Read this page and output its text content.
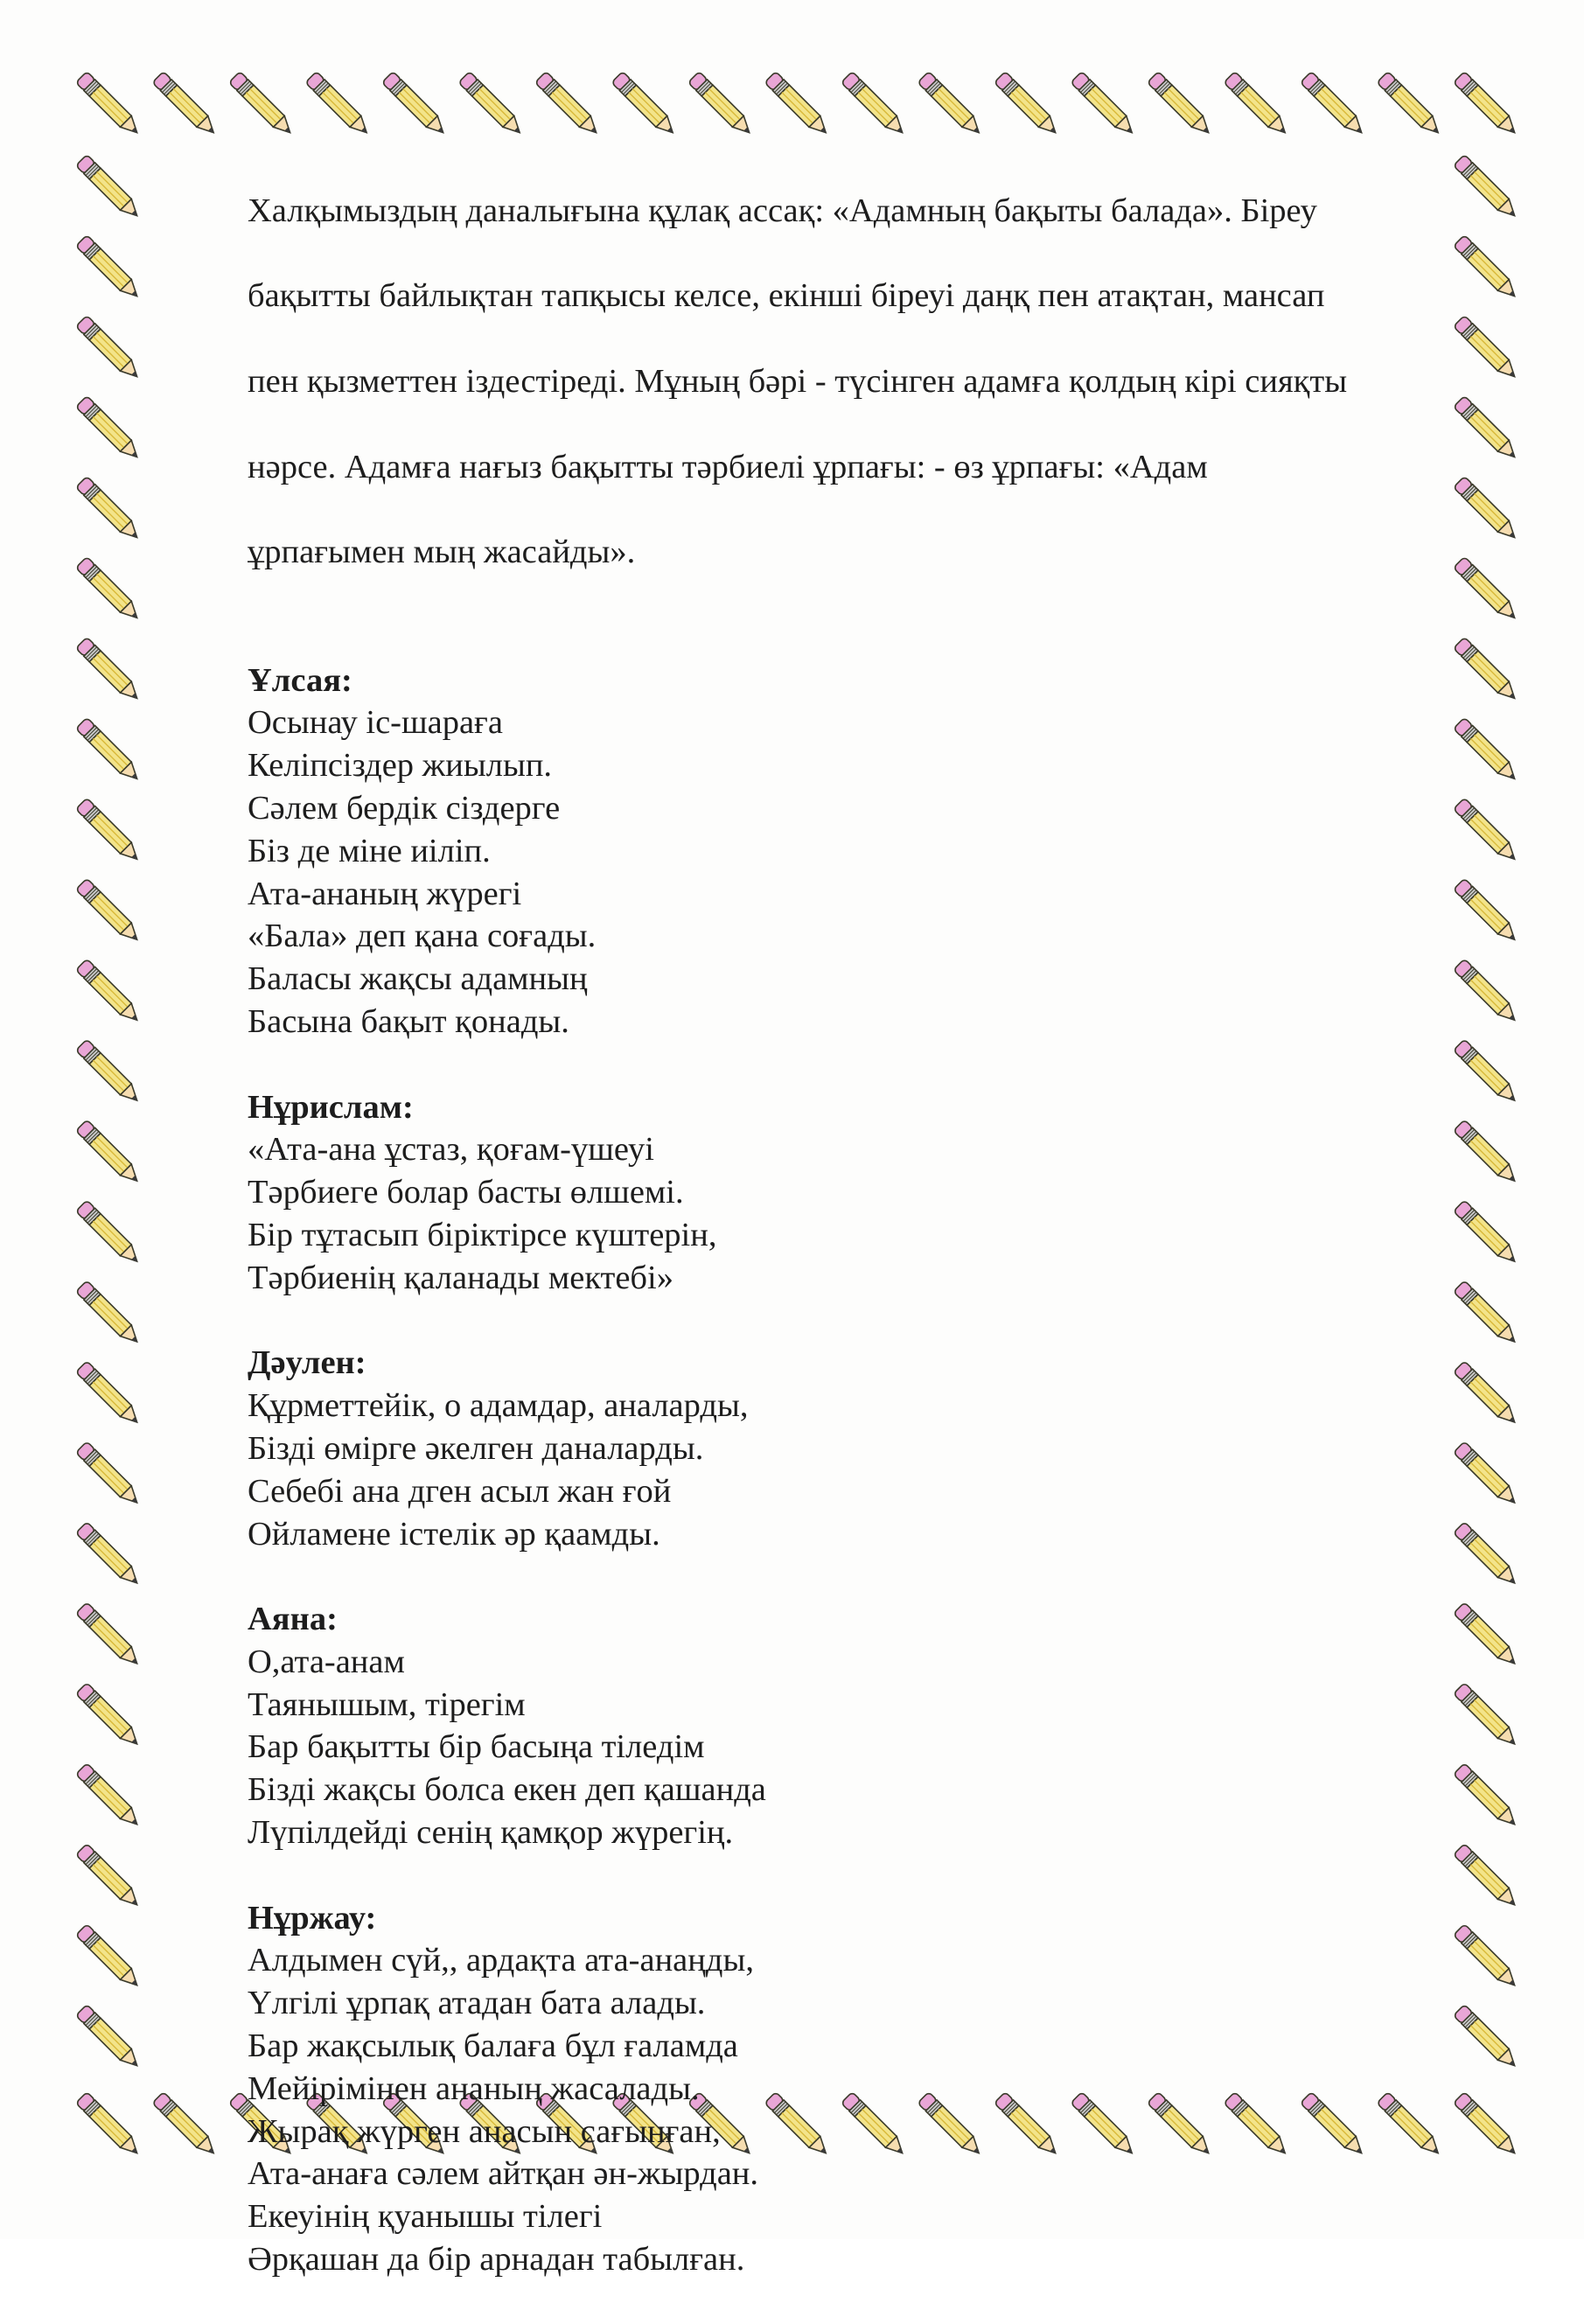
Халқымыздың даналығына құлақ ассақ: «Адамның бақыты балада». Біреу

бақытты байлықтан тапқысы келсе, екінші біреуі даңқ пен атақтан, мансап

пен қызметтен іздестіреді. Мұның бәрі - түсінген адамға қолдың кірі сияқты

нәрсе. Адамға нағыз бақытты тәрбиелі ұрпағы: - өз ұрпағы: «Адам

ұрпағымен мың жасайды».

Ұлсая:
Осынау іс-шараға
Келіпсіздер жиылып.
Сәлем бердік сіздерге
Біз де міне иіліп.
Ата-ананың жүрегі
«Бала» деп қана соғады.
Баласы жақсы адамның
Басына бақыт қонады.
Нұрислам:
«Ата-ана ұстаз, қоғам-үшеуі
Тәрбиеге болар басты өлшемі.
Бір тұтасып біріктірсе күштерін,
Тәрбиенің қаланады мектебі»
Дәулен:
Құрметтейік, о адамдар, аналарды,
Бізді өмірге әкелген даналарды.
Себебі ана дген асыл жан ғой
Ойламене істелік әр қаамды.
Аяна:
О,ата-анам
Таянышым, тірегім
Бар бақытты бір басыңа тіледім
Бізді жақсы болса екен деп қашанда
Лүпілдейді сенің қамқор жүрегің.
Нұржау:
Алдымен сүй,, ардақта ата-анаңды,
Үлгілі ұрпақ атадан бата алады.
Бар жақсылық балаға бұл ғаламда
Мейірімінен ананың жасалады.
Жырақ жүрген анасын сағынған,
Ата-анаға сәлем айтқан ән-жырдан.
Екеуінің қуанышы тілегі
Әрқашан да бір арнадан табылған.
